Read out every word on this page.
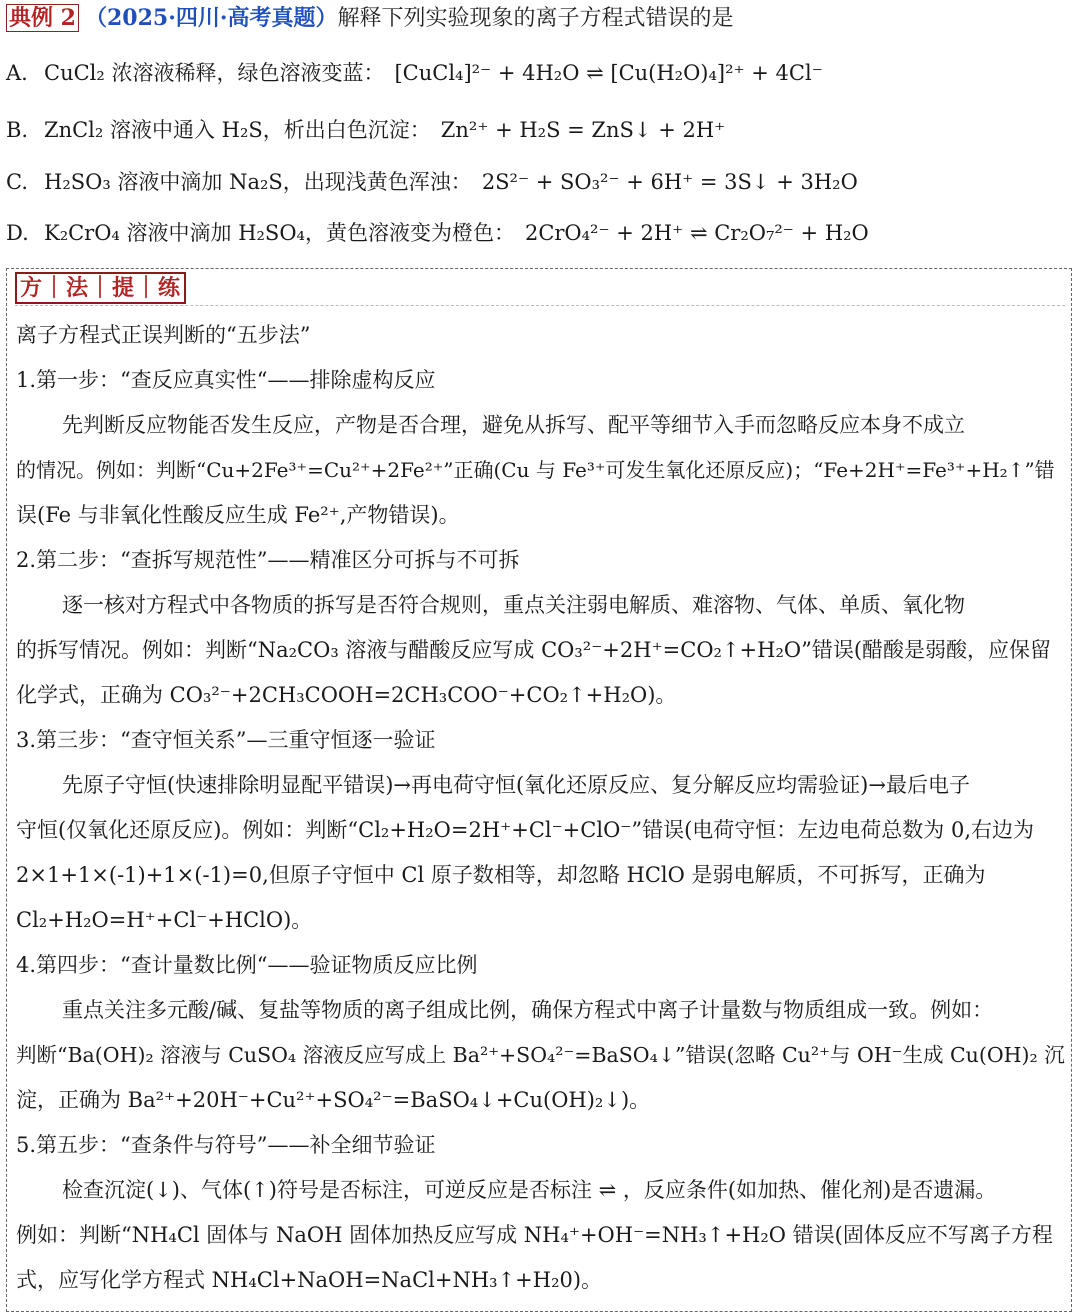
典例 2 （2025·四川·高考真题）解释下列实验现象的离子方程式错误的是
A. CuCl₂ 浓溶液稀释，绿色溶液变蓝： [CuCl₄]²⁻ + 4H₂O ⇌ [Cu(H₂O)₄]²⁺ + 4Cl⁻
B. ZnCl₂ 溶液中通入 H₂S，析出白色沉淀： Zn²⁺ + H₂S = ZnS↓ + 2H⁺
C. H₂SO₃ 溶液中滴加 Na₂S，出现浅黄色浑浊： 2S²⁻ + SO₃²⁻ + 6H⁺ = 3S↓ + 3H₂O
D. K₂CrO₄ 溶液中滴加 H₂SO₄，黄色溶液变为橙色： 2CrO₄²⁻ + 2H⁺ ⇌ Cr₂O₇²⁻ + H₂O
方｜法｜提｜练
离子方程式正误判断的“五步法”
1.第一步：“查反应真实性“——排除虚构反应
先判断反应物能否发生反应，产物是否合理，避免从拆写、配平等细节入手而忽略反应本身不成立
的情况。例如：判断“Cu+2Fe³⁺=Cu²⁺+2Fe²⁺”正确(Cu 与 Fe³⁺可发生氧化还原反应)；“Fe+2H⁺=Fe³⁺+H₂↑”错
误(Fe 与非氧化性酸反应生成 Fe²⁺,产物错误)。
2.第二步：“查拆写规范性”——精准区分可拆与不可拆
逐一核对方程式中各物质的拆写是否符合规则，重点关注弱电解质、难溶物、气体、单质、氧化物
的拆写情况。例如：判断“Na₂CO₃ 溶液与醋酸反应写成 CO₃²⁻+2H⁺=CO₂↑+H₂O”错误(醋酸是弱酸，应保留
化学式，正确为 CO₃²⁻+2CH₃COOH=2CH₃COO⁻+CO₂↑+H₂O)。
3.第三步：“查守恒关系”—三重守恒逐一验证
先原子守恒(快速排除明显配平错误)→再电荷守恒(氧化还原反应、复分解反应均需验证)→最后电子
守恒(仅氧化还原反应)。例如：判断“Cl₂+H₂O=2H⁺+Cl⁻+ClO⁻”错误(电荷守恒：左边电荷总数为 0,右边为
2×1+1×(-1)+1×(-1)=0,但原子守恒中 Cl 原子数相等，却忽略 HClO 是弱电解质，不可拆写，正确为
Cl₂+H₂O=H⁺+Cl⁻+HClO)。
4.第四步：“查计量数比例“——验证物质反应比例
重点关注多元酸/碱、复盐等物质的离子组成比例，确保方程式中离子计量数与物质组成一致。例如：
判断“Ba(OH)₂ 溶液与 CuSO₄ 溶液反应写成上 Ba²⁺+SO₄²⁻=BaSO₄↓”错误(忽略 Cu²⁺与 OH⁻生成 Cu(OH)₂ 沉
淀，正确为 Ba²⁺+20H⁻+Cu²⁺+SO₄²⁻=BaSO₄↓+Cu(OH)₂↓)。
5.第五步：“查条件与符号”——补全细节验证
检查沉淀(↓)、气体(↑)符号是否标注，可逆反应是否标注 ⇌ ，反应条件(如加热、催化剂)是否遗漏。
例如：判断“NH₄Cl 固体与 NaOH 固体加热反应写成 NH₄⁺+OH⁻=NH₃↑+H₂O 错误(固体反应不写离子方程
式，应写化学方程式 NH₄Cl+NaOH=NaCl+NH₃↑+H₂0)。
